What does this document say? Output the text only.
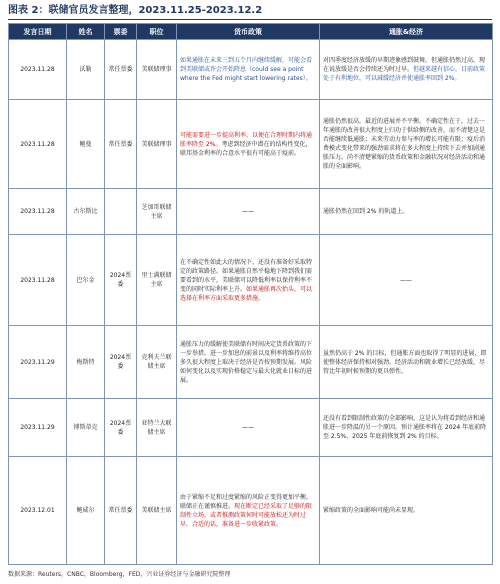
图表 2：联储官员发言整理，2023.11.25-2023.12.2
发言日期	姓名	票委	职位	货币政策	通胀&经济
2023.11.28	沃勒	常任票委	美联储理事	如果通胀在未来三到五个月内继续缓解，可能会看到美联储或许会开始降息（could see a point where the Fed might start lowering rates）。	对四季度经济放缓的早期迹象感到鼓舞，但通胀仍然过高，现在说放缓是否会持续还为时过早。但越来越有信心，目前政策处于有利地位，可以减缓经济并使通胀率回到 2%。
2023.11.28	鲍曼	常任票委	美联储理事	可能需要进一步提高利率，以便在合理时期内将通胀率降至 2%。考虑到经济中潜在的结构性变化，联邦基金利率的合意水平很有可能高于疫前。	通胀仍然很高，最近的进展并不平衡。不确定性在于，过去一年通胀的改善很大程度上归功于供给侧的改善，而不清楚这是否能继续低通胀；未来劳动力参与率的增长可能有限；疫后消费模式变化带来的强劲需求将在多大程度上持续下去并加剧通胀压力。尚不清楚紧缩的货币政策和金融状况对经济活动和通胀的全面影响。
2023.11.28	古尔斯比		芝加哥联储主席	——	通胀仍然在回到 2% 的轨道上。
2023.11.28	巴尔金	2024票委	里士满联储主席	在不确定性如此大的情况下，还没有准备好采取特定的政策路径。如果通胀自然平稳地下降到我们需要看到的水平，美联储可以降低利率以保持利率不变的同时实际利率上升。如果通胀再次抬头，可以选择在利率方面采取更多措施。	——
2023.11.29	梅斯特	2024票委	克利夫兰联储主席	通胀压力的缓解使美联储有时间决定货币政策的下一步举措。进一步加息的前景以及利率将维持高位多久很大程度上取决于经济是否按预期发展。风险如何变化以及实现价格稳定与最大化就业目标的进展。	虽然仍高于 2% 的目标，但通胀方面也取得了明显的进展，即使整体经济保持相对强劲。经济活动和就业增长已经放缓，尽管比年初时候预期的更具弹性。
2023.11.29	博斯蒂克	2024票委	亚特兰大联储主席	——	还没有看到限制性政策的全部影响，这是认为将看到经济和通胀进一步降温的另一个原因。预计通胀率将在 2024 年底前降至 2.5%，2025 年底前恢复到 2% 的目标。
2023.12.01	鲍威尔	常任票委	美联储主席	由于紧缩不足和过度紧缩的风险正变得更加平衡，联储正在谨慎推进。现在断定已经采取了足够的限制性立场，或者推测政策何时可能放松还为时过早。合适的话，准备进一步收紧政策。	紧缩政策的全面影响可能尚未显现。
数据来源：Reuters，CNBC，Bloomberg，FED，兴业证券经济与金融研究院整理
